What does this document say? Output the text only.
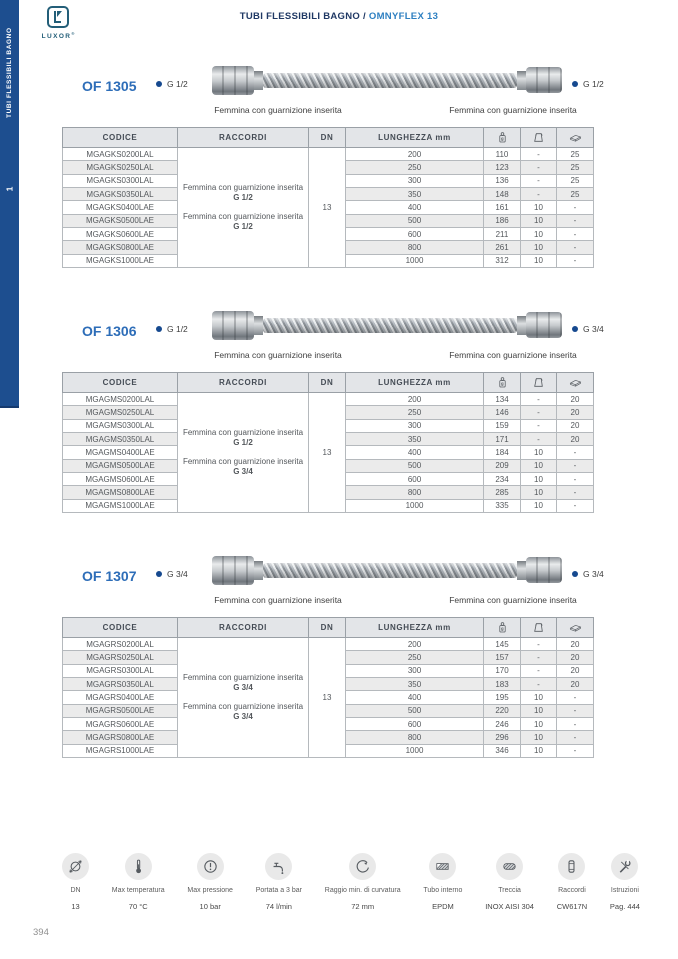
TUBI FLESSIBILI BAGNO
1
LUXOR®
TUBI FLESSIBILI BAGNO / OMNYFLEX 13
OF 1305	G 1/2	G 1/2
Femmina con guarnizione inserita	Femmina con guarnizione inserita
CODICE	RACCORDI	DN	LUNGHEZZA mm			
MGAGKS0200LAL	Femmina con guarnizione inserita
G 1/2
Femmina con guarnizione inserita
G 1/2	13	200	110	-	25
MGAGKS0250LAL			250	123	-	25
MGAGKS0300LAL			300	136	-	25
MGAGKS0350LAL			350	148	-	25
MGAGKS0400LAE			400	161	10	-
MGAGKS0500LAE			500	186	10	-
MGAGKS0600LAE			600	211	10	-
MGAGKS0800LAE			800	261	10	-
MGAGKS1000LAE			1000	312	10	-
OF 1306	G 1/2	G 3/4
Femmina con guarnizione inserita	Femmina con guarnizione inserita
CODICE	RACCORDI	DN	LUNGHEZZA mm			
MGAGMS0200LAL	Femmina con guarnizione inserita
G 1/2
Femmina con guarnizione inserita
G 3/4	13	200	134	-	20
MGAGMS0250LAL			250	146	-	20
MGAGMS0300LAL			300	159	-	20
MGAGMS0350LAL			350	171	-	20
MGAGMS0400LAE			400	184	10	-
MGAGMS0500LAE			500	209	10	-
MGAGMS0600LAE			600	234	10	-
MGAGMS0800LAE			800	285	10	-
MGAGMS1000LAE			1000	335	10	-
OF 1307	G 3/4	G 3/4
Femmina con guarnizione inserita	Femmina con guarnizione inserita
CODICE	RACCORDI	DN	LUNGHEZZA mm			
MGAGRS0200LAL	Femmina con guarnizione inserita
G 3/4
Femmina con guarnizione inserita
G 3/4	13	200	145	-	20
MGAGRS0250LAL			250	157	-	20
MGAGRS0300LAL			300	170	-	20
MGAGRS0350LAL			350	183	-	20
MGAGRS0400LAE			400	195	10	-
MGAGRS0500LAE			500	220	10	-
MGAGRS0600LAE			600	246	10	-
MGAGRS0800LAE			800	296	10	-
MGAGRS1000LAE			1000	346	10	-
DN
13
Max temperatura
70 °C
Max pressione
10 bar
Portata a 3 bar
74 l/min
Raggio min. di curvatura
72 mm
Tubo interno
EPDM
Treccia
INOX AISI 304
Raccordi
CW617N
Istruzioni
Pag. 444
394
